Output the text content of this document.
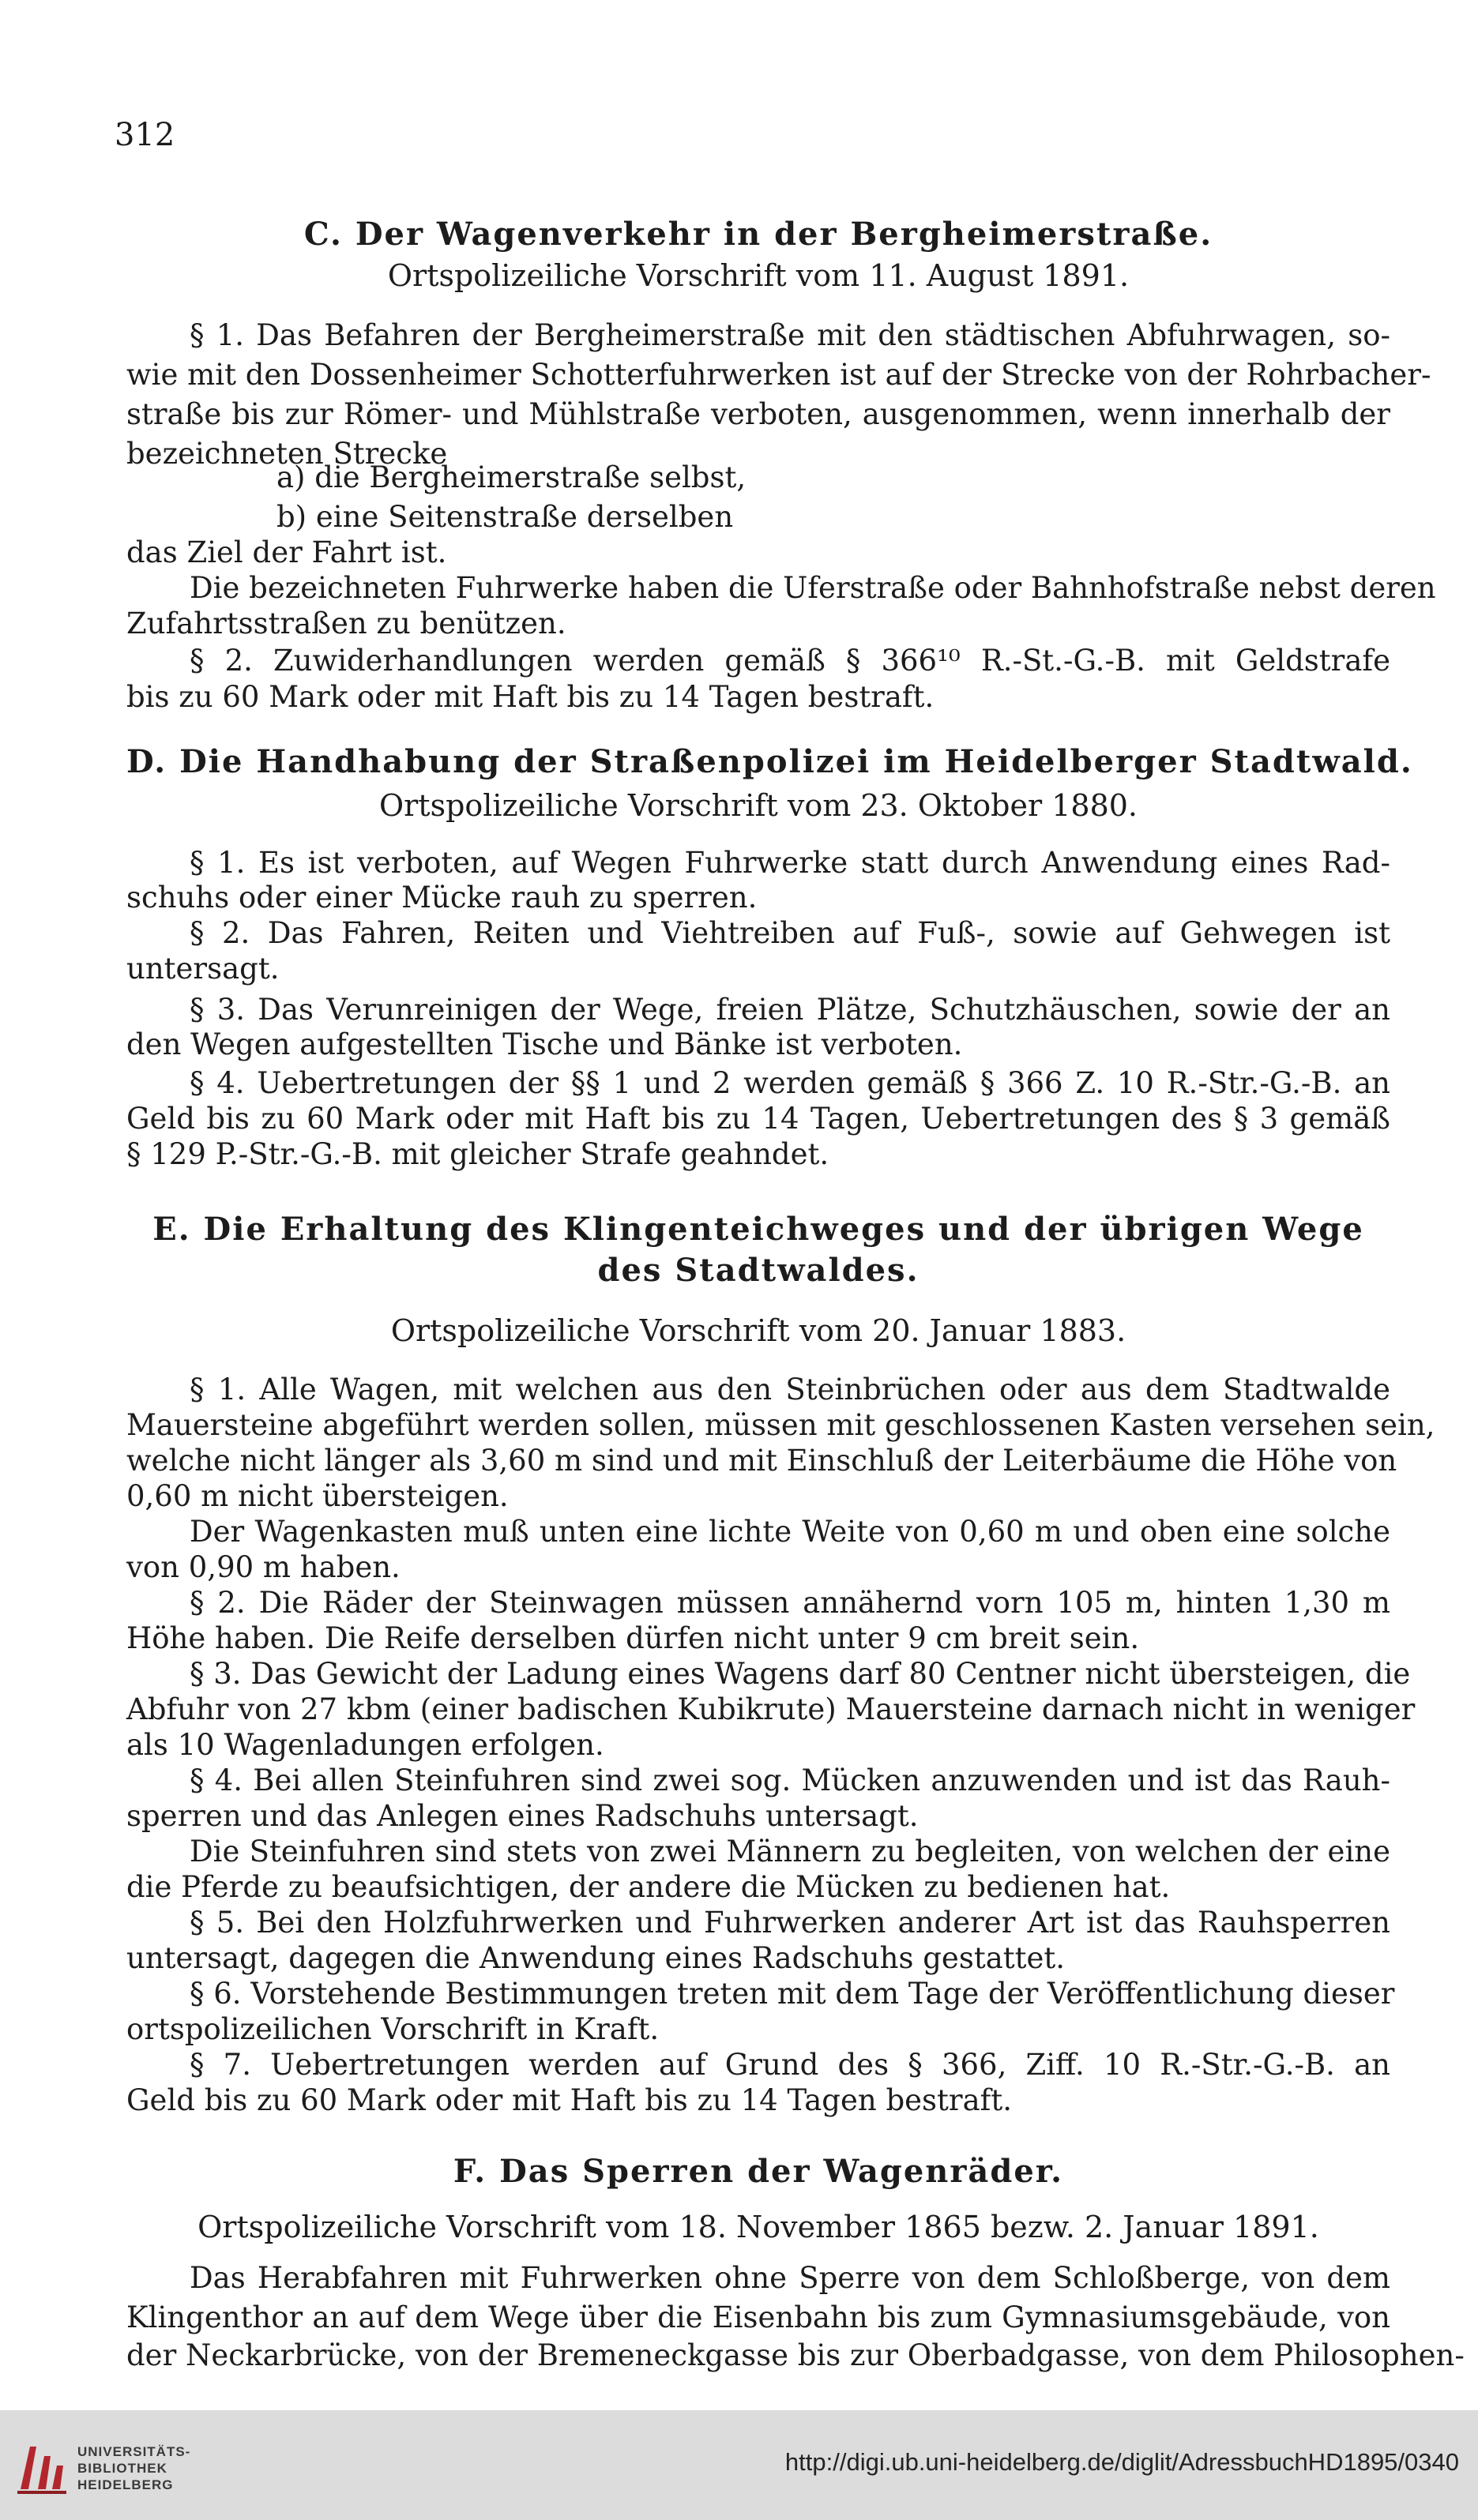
312
C. Der Wagenverkehr in der Bergheimerstraße.
Ortspolizeiliche Vorschrift vom 11. August 1891.
§ 1. Das Befahren der Bergheimerstraße mit den städtischen Abfuhrwagen, so-
wie mit den Dossenheimer Schotterfuhrwerken ist auf der Strecke von der Rohrbacher-
straße bis zur Römer- und Mühlstraße verboten, ausgenommen, wenn innerhalb der
bezeichneten Strecke
a) die Bergheimerstraße selbst,
b) eine Seitenstraße derselben
das Ziel der Fahrt ist.
Die bezeichneten Fuhrwerke haben die Uferstraße oder Bahnhofstraße nebst deren
Zufahrtsstraßen zu benützen.
§ 2. Zuwiderhandlungen werden gemäß § 366¹⁰ R.-St.-G.-B. mit Geldstrafe
bis zu 60 Mark oder mit Haft bis zu 14 Tagen bestraft.
D. Die Handhabung der Straßenpolizei im Heidelberger Stadtwald.
Ortspolizeiliche Vorschrift vom 23. Oktober 1880.
§ 1. Es ist verboten, auf Wegen Fuhrwerke statt durch Anwendung eines Rad-
schuhs oder einer Mücke rauh zu sperren.
§ 2. Das Fahren, Reiten und Viehtreiben auf Fuß-, sowie auf Gehwegen ist
untersagt.
§ 3. Das Verunreinigen der Wege, freien Plätze, Schutzhäuschen, sowie der an
den Wegen aufgestellten Tische und Bänke ist verboten.
§ 4. Uebertretungen der §§ 1 und 2 werden gemäß § 366 Z. 10 R.-Str.-G.-B. an
Geld bis zu 60 Mark oder mit Haft bis zu 14 Tagen, Uebertretungen des § 3 gemäß
§ 129 P.-Str.-G.-B. mit gleicher Strafe geahndet.
E. Die Erhaltung des Klingenteichweges und der übrigen Wege
des Stadtwaldes.
Ortspolizeiliche Vorschrift vom 20. Januar 1883.
§ 1. Alle Wagen, mit welchen aus den Steinbrüchen oder aus dem Stadtwalde
Mauersteine abgeführt werden sollen, müssen mit geschlossenen Kasten versehen sein,
welche nicht länger als 3,60 m sind und mit Einschluß der Leiterbäume die Höhe von
0,60 m nicht übersteigen.
Der Wagenkasten muß unten eine lichte Weite von 0,60 m und oben eine solche
von 0,90 m haben.
§ 2. Die Räder der Steinwagen müssen annähernd vorn 105 m, hinten 1,30 m
Höhe haben. Die Reife derselben dürfen nicht unter 9 cm breit sein.
§ 3. Das Gewicht der Ladung eines Wagens darf 80 Centner nicht übersteigen, die
Abfuhr von 27 kbm (einer badischen Kubikrute) Mauersteine darnach nicht in weniger
als 10 Wagenladungen erfolgen.
§ 4. Bei allen Steinfuhren sind zwei sog. Mücken anzuwenden und ist das Rauh-
sperren und das Anlegen eines Radschuhs untersagt.
Die Steinfuhren sind stets von zwei Männern zu begleiten, von welchen der eine
die Pferde zu beaufsichtigen, der andere die Mücken zu bedienen hat.
§ 5. Bei den Holzfuhrwerken und Fuhrwerken anderer Art ist das Rauhsperren
untersagt, dagegen die Anwendung eines Radschuhs gestattet.
§ 6. Vorstehende Bestimmungen treten mit dem Tage der Veröffentlichung dieser
ortspolizeilichen Vorschrift in Kraft.
§ 7. Uebertretungen werden auf Grund des § 366, Ziff. 10 R.-Str.-G.-B. an
Geld bis zu 60 Mark oder mit Haft bis zu 14 Tagen bestraft.
F. Das Sperren der Wagenräder.
Ortspolizeiliche Vorschrift vom 18. November 1865 bezw. 2. Januar 1891.
Das Herabfahren mit Fuhrwerken ohne Sperre von dem Schloßberge, von dem
Klingenthor an auf dem Wege über die Eisenbahn bis zum Gymnasiumsgebäude, von
der Neckarbrücke, von der Bremeneckgasse bis zur Oberbadgasse, von dem Philosophen-
UNIVERSITÄTS-
BIBLIOTHEK
HEIDELBERG
http://digi.ub.uni-heidelberg.de/diglit/AdressbuchHD1895/0340
